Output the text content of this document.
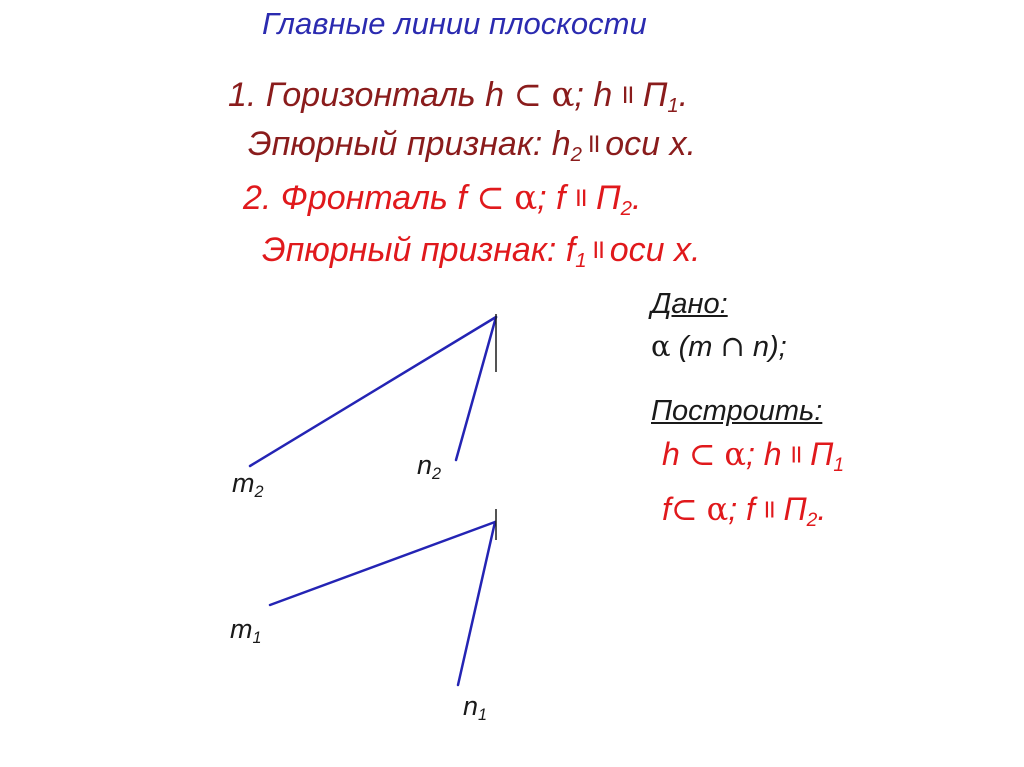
Главные линии плоскости
1. Горизонталь h ⊂ α; h II $П_1$.
Эпюрный признак: $h_2$ II оси х.
2. Фронталь f ⊂ α; f II $П_2$.
Эпюрный признак: $f_1$ II оси х.
Дано:
α (m ∩ n);
Построить:
h ⊂ α; h II $П_1$
f⊂ α; f II $П_2$.
$m_2$
$n_2$
$m_1$
$n_1$
